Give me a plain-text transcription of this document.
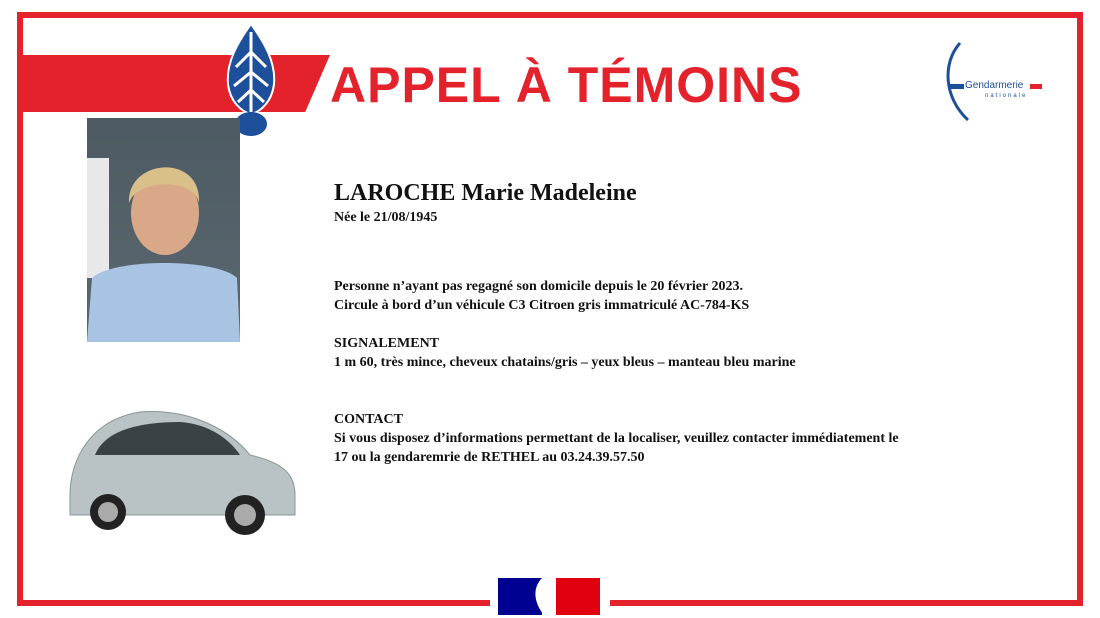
APPEL À TÉMOINS	Gendarmerie
nationale
LAROCHE Marie Madeleine
Née le 21/08/1945
Personne n’ayant pas regagné son domicile depuis le 20 février 2023.
Circule à bord d’un véhicule C3 Citroen gris immatriculé AC-784-KS
SIGNALEMENT
1 m 60, très mince, cheveux chatains/gris – yeux bleus – manteau bleu marine
CONTACT
Si vous disposez d’informations permettant de la localiser, veuillez contacter immédiatement le
17 ou la gendaremrie de RETHEL au 03.24.39.57.50
